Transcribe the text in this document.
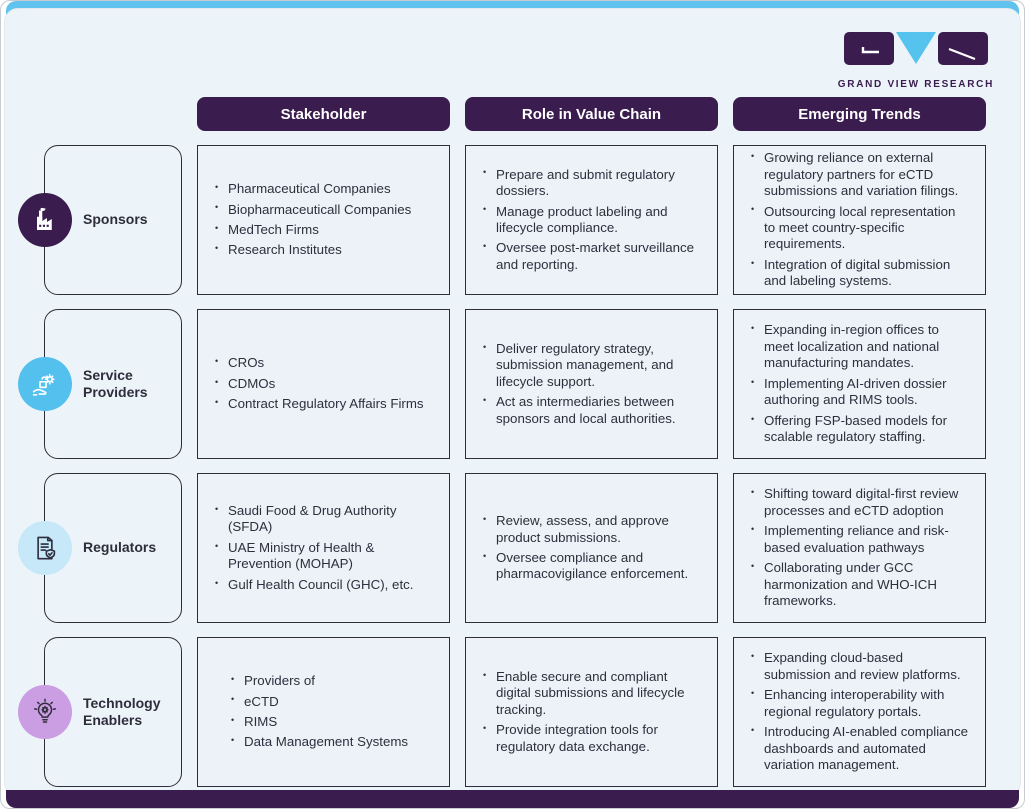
GRAND VIEW RESEARCH
Stakeholder	Role in Value Chain	Emerging Trends
Sponsors
• Pharmaceutical Companies
• Biopharmaceuticall Companies
• MedTech Firms
• Research Institutes
• Prepare and submit regulatory dossiers.
• Manage product labeling and lifecycle compliance.
• Oversee post-market surveillance and reporting.
• Growing reliance on external regulatory partners for eCTD submissions and variation filings.
• Outsourcing local representation to meet country-specific requirements.
• Integration of digital submission and labeling systems.
Service Providers
• CROs
• CDMOs
• Contract Regulatory Affairs Firms
• Deliver regulatory strategy, submission management, and lifecycle support.
• Act as intermediaries between sponsors and local authorities.
• Expanding in-region offices to meet localization and national manufacturing mandates.
• Implementing AI-driven dossier authoring and RIMS tools.
• Offering FSP-based models for scalable regulatory staffing.
Regulators
• Saudi Food & Drug Authority (SFDA)
• UAE Ministry of Health & Prevention (MOHAP)
• Gulf Health Council (GHC), etc.
• Review, assess, and approve product submissions.
• Oversee compliance and pharmacovigilance enforcement.
• Shifting toward digital-first review processes and eCTD adoption
• Implementing reliance and risk-based evaluation pathways
• Collaborating under GCC harmonization and WHO-ICH frameworks.
Technology Enablers
• Providers of
• eCTD
• RIMS
• Data Management Systems
• Enable secure and compliant digital submissions and lifecycle tracking.
• Provide integration tools for regulatory data exchange.
• Expanding cloud-based submission and review platforms.
• Enhancing interoperability with regional regulatory portals.
• Introducing AI-enabled compliance dashboards and automated variation management.
